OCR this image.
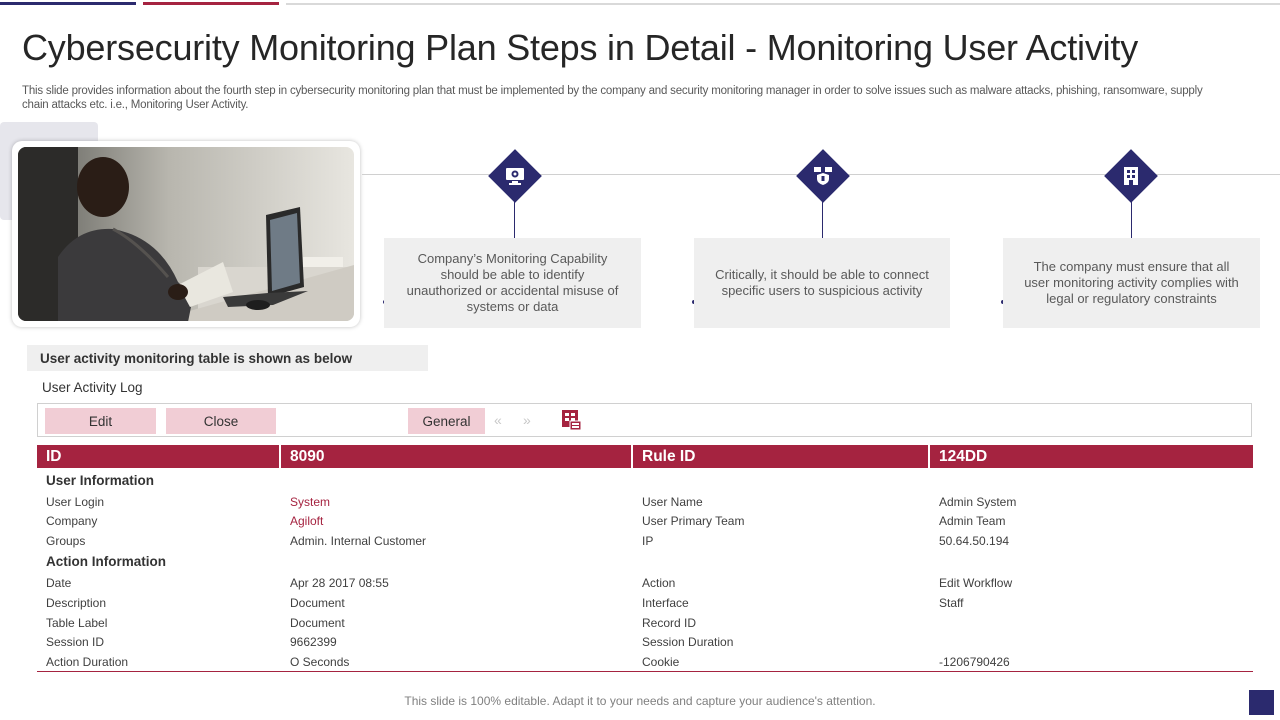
Cybersecurity Monitoring Plan Steps in Detail - Monitoring User Activity
This slide provides information about the fourth step in cybersecurity monitoring plan that must be implemented by the company and security monitoring manager in order to solve issues such as malware attacks, phishing, ransomware, supply chain attacks etc. i.e., Monitoring User Activity.
Company’s Monitoring Capability should be able to identify unauthorized or accidental misuse of systems or data
Critically, it should be able to connect specific users to suspicious activity
The company must ensure that all user monitoring activity complies with legal or regulatory constraints
User activity monitoring table is shown as below
User Activity Log
Edit	Close	General	« »
ID	8090	Rule ID	124DD
User Information
Action Information
User Login	System	User Name	Admin System
Company	Agiloft	User Primary Team	Admin Team
Groups	Admin. Internal Customer	IP	50.64.50.194
Date	Apr 28 2017 08:55	Action	Edit Workflow
Description	Document	Interface	Staff
Table Label	Document	Record ID
Session ID	9662399	Session Duration
Action Duration	O Seconds	Cookie	-1206790426
This slide is 100% editable. Adapt it to your needs and capture your audience's attention.
